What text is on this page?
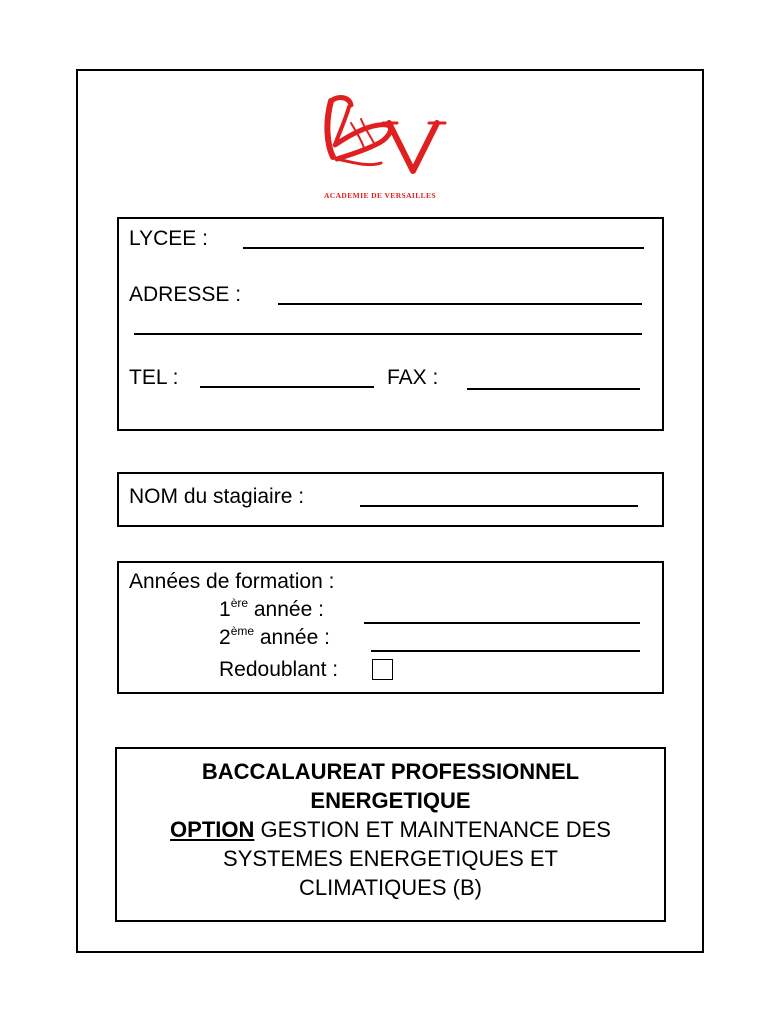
ACADEMIE DE VERSAILLES
LYCEE :
ADRESSE :
TEL :	FAX :
NOM du stagiaire :
Années de formation :
1ère année :
2ème année :
Redoublant :
BACCALAUREAT PROFESSIONNEL
ENERGETIQUE
OPTION GESTION ET MAINTENANCE DES
SYSTEMES ENERGETIQUES ET
CLIMATIQUES (B)
